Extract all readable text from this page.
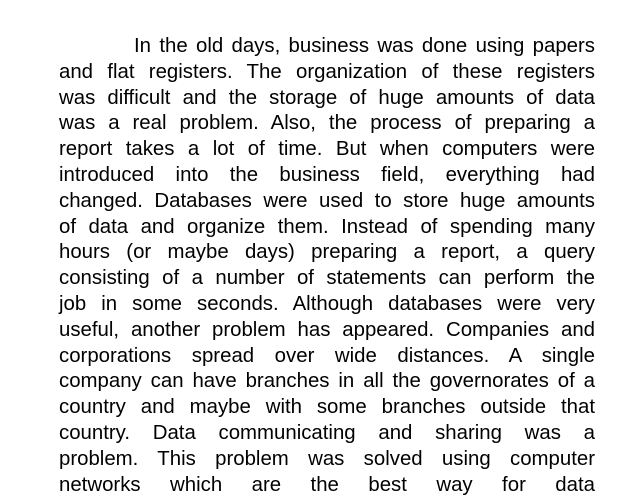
In the old days, business was done using papers
and flat registers. The organization of these registers
was difficult and the storage of huge amounts of data
was a real problem. Also, the process of preparing a
report takes a lot of time. But when computers were
introduced into the business field, everything had
changed. Databases were used to store huge amounts
of data and organize them. Instead of spending many
hours (or maybe days) preparing a report, a query
consisting of a number of statements can perform the
job in some seconds. Although databases were very
useful, another problem has appeared. Companies and
corporations spread over wide distances. A single
company can have branches in all the governorates of a
country and maybe with some branches outside that
country. Data communicating and sharing was a
problem. This problem was solved using computer
networks which are the best way for data
